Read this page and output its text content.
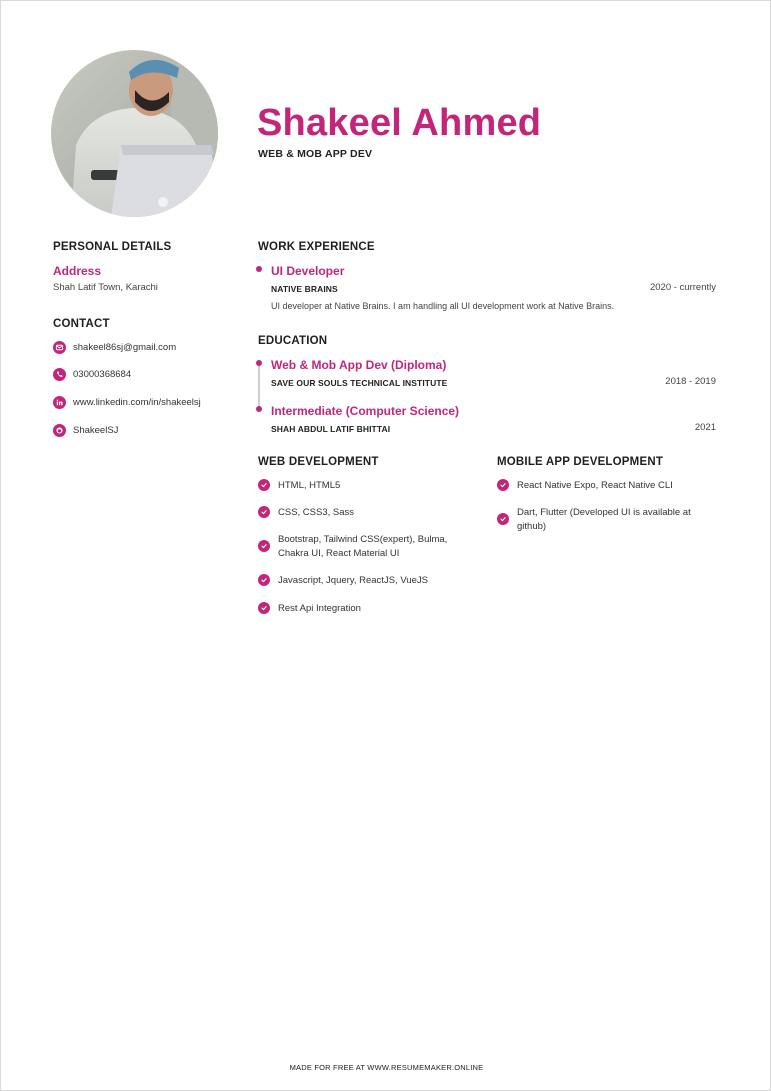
Shakeel Ahmed
WEB & MOB APP DEV
PERSONAL DETAILS
Address
Shah Latif Town, Karachi
CONTACT
shakeel86sj@gmail.com
03000368684
www.linkedin.com/in/shakeelsj
ShakeelSJ
WORK EXPERIENCE
UI Developer
NATIVE BRAINS	2020 - currently
UI developer at Native Brains. I am handling all UI development work at Native Brains.
EDUCATION
Web & Mob App Dev (Diploma)
SAVE OUR SOULS TECHNICAL INSTITUTE	2018 - 2019
Intermediate (Computer Science)
SHAH ABDUL LATIF BHITTAI	2021
WEB DEVELOPMENT
HTML, HTML5
CSS, CSS3, Sass
Bootstrap, Tailwind CSS(expert), Bulma, Chakra UI, React Material UI
Javascript, Jquery, ReactJS, VueJS
Rest Api Integration
MOBILE APP DEVELOPMENT
React Native Expo, React Native CLI
Dart, Flutter (Developed UI is available at github)
MADE FOR FREE AT WWW.RESUMEMAKER.ONLINE
